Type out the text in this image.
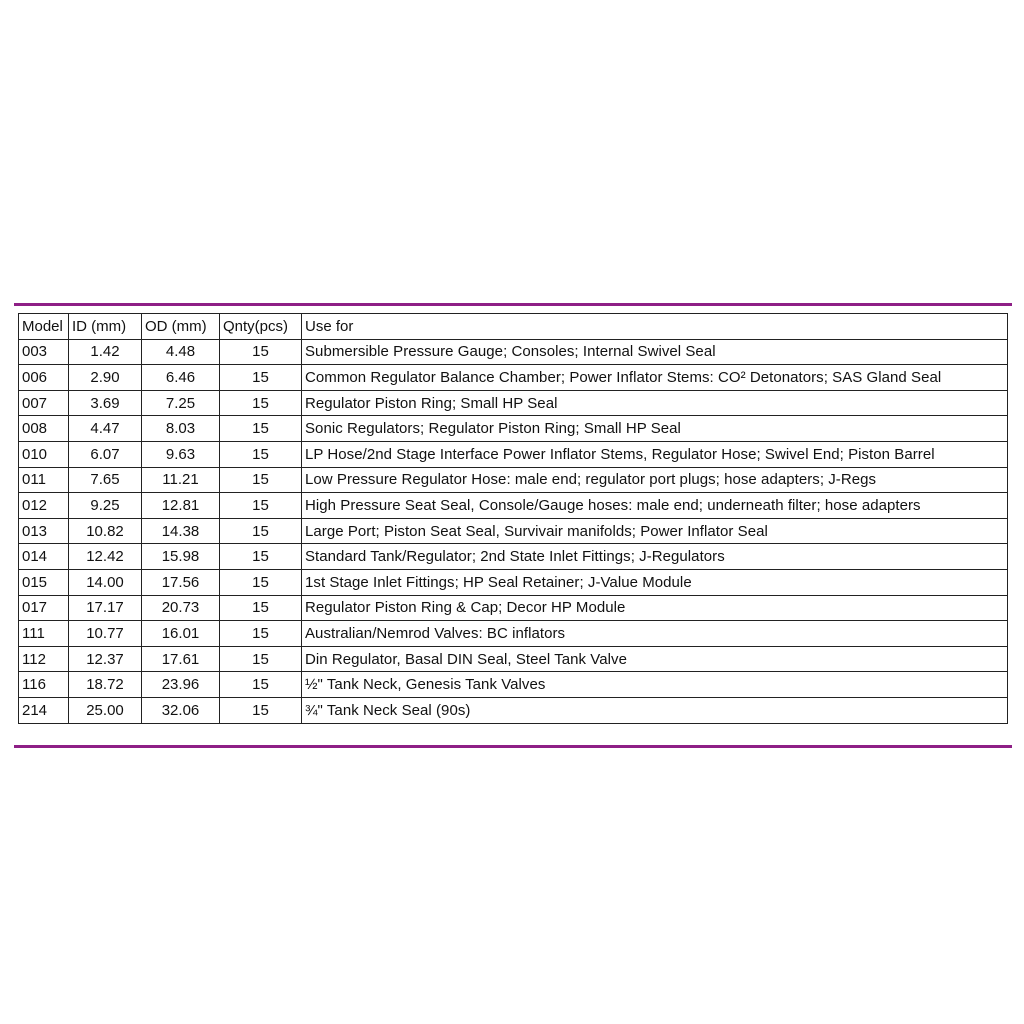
Model	ID (mm)	OD (mm)	Qnty(pcs)	Use for
003	1.42	4.48	15	Submersible Pressure Gauge; Consoles; Internal Swivel Seal
006	2.90	6.46	15	Common Regulator Balance Chamber; Power Inflator Stems: CO² Detonators; SAS Gland Seal
007	3.69	7.25	15	Regulator Piston Ring; Small HP Seal
008	4.47	8.03	15	Sonic Regulators; Regulator Piston Ring; Small HP Seal
010	6.07	9.63	15	LP Hose/2nd Stage Interface Power Inflator Stems, Regulator Hose; Swivel End; Piston Barrel
011	7.65	11.21	15	Low Pressure Regulator Hose: male end; regulator port plugs; hose adapters; J-Regs
012	9.25	12.81	15	High Pressure Seat Seal, Console/Gauge hoses: male end; underneath filter; hose adapters
013	10.82	14.38	15	Large Port; Piston Seat Seal, Survivair manifolds; Power Inflator Seal
014	12.42	15.98	15	Standard Tank/Regulator; 2nd State Inlet Fittings; J-Regulators
015	14.00	17.56	15	1st Stage Inlet Fittings; HP Seal Retainer; J-Value Module
017	17.17	20.73	15	Regulator Piston Ring & Cap; Decor HP Module
111	10.77	16.01	15	Australian/Nemrod Valves: BC inflators
112	12.37	17.61	15	Din Regulator, Basal DIN Seal, Steel Tank Valve
116	18.72	23.96	15	½" Tank Neck, Genesis Tank Valves
214	25.00	32.06	15	¾" Tank Neck Seal (90s)
